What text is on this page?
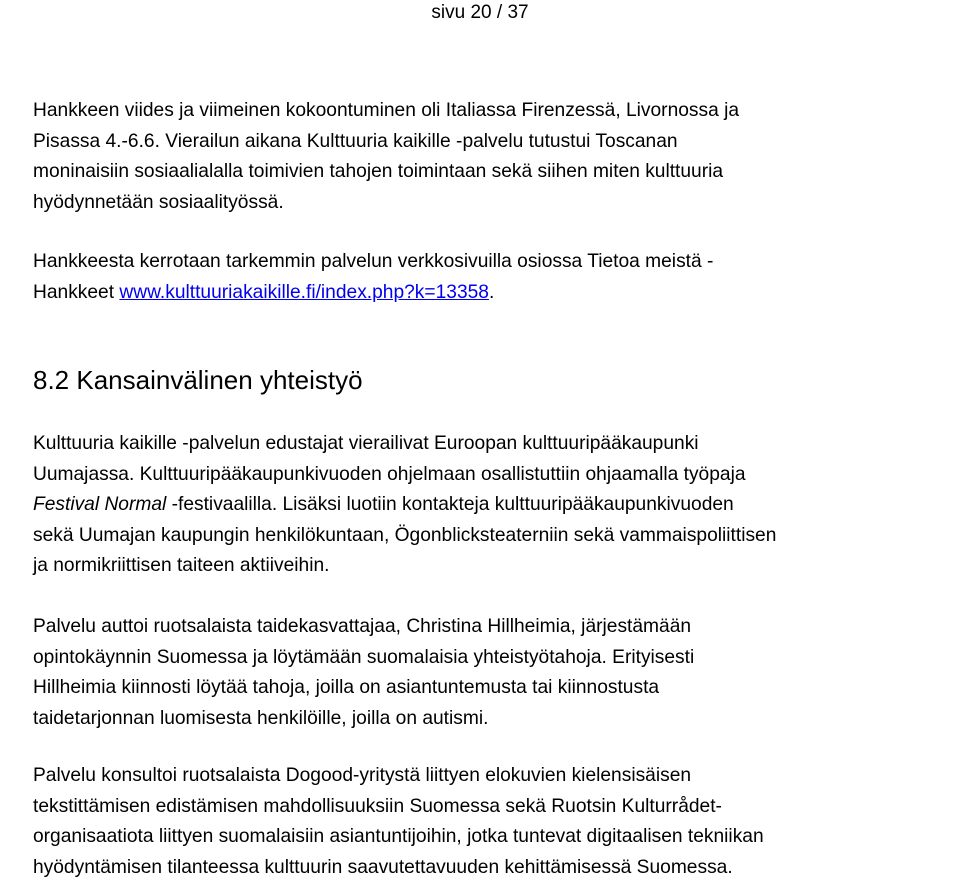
sivu 20 / 37

Hankkeen viides ja viimeinen kokoontuminen oli Italiassa Firenzessä, Livornossa ja
Pisassa 4.-6.6. Vierailun aikana Kulttuuria kaikille -palvelu tutustui Toscanan
moninaisiin sosiaalialalla toimivien tahojen toimintaan sekä siihen miten kulttuuria
hyödynnetään sosiaalityössä.

Hankkeesta kerrotaan tarkemmin palvelun verkkosivuilla osiossa Tietoa meistä -
Hankkeet www.kulttuuriakaikille.fi/index.php?k=13358.

8.2 Kansainvälinen yhteistyö

Kulttuuria kaikille -palvelun edustajat vierailivat Euroopan kulttuuripääkaupunki
Uumajassa. Kulttuuripääkaupunkivuoden ohjelmaan osallistuttiin ohjaamalla työpaja
Festival Normal -festivaalilla. Lisäksi luotiin kontakteja kulttuuripääkaupunkivuoden
sekä Uumajan kaupungin henkilökuntaan, Ögonblicksteaterniin sekä vammaispoliittisen
ja normikriittisen taiteen aktiiveihin.

Palvelu auttoi ruotsalaista taidekasvattajaa, Christina Hillheimia, järjestämään
opintokäynnin Suomessa ja löytämään suomalaisia yhteistyötahoja. Erityisesti
Hillheimia kiinnosti löytää tahoja, joilla on asiantuntemusta tai kiinnostusta
taidetarjonnan luomisesta henkilöille, joilla on autismi.

Palvelu konsultoi ruotsalaista Dogood-yritystä liittyen elokuvien kielensisäisen
tekstittämisen edistämisen mahdollisuuksiin Suomessa sekä Ruotsin Kulturrådet-
organisaatiota liittyen suomalaisiin asiantuntijoihin, jotka tuntevat digitaalisen tekniikan
hyödyntämisen tilanteessa kulttuurin saavutettavuuden kehittämisessä Suomessa.
